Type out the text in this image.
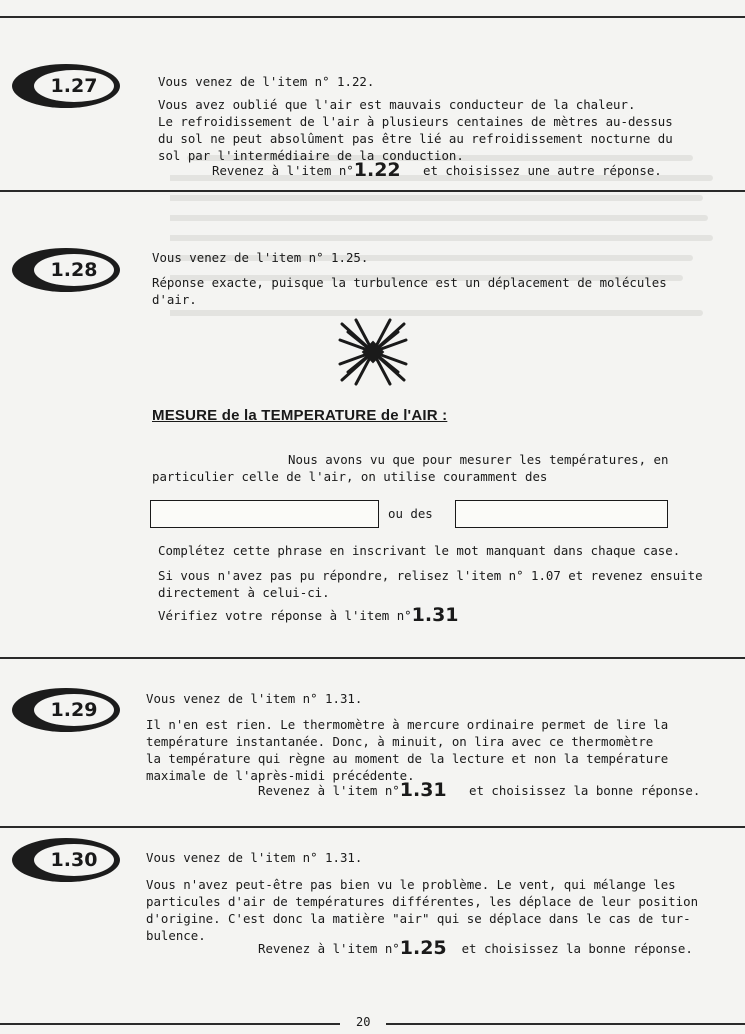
1.27	Vous venez de l'item n° 1.22.
Vous avez oublié que l'air est mauvais conducteur de la chaleur.
Le refroidissement de l'air à plusieurs centaines de mètres au-dessus
du sol ne peut absolûment pas être lié au refroidissement nocturne du
sol par l'intermédiaire de la conduction.
Revenez à l'item n°1.22 et choisissez une autre réponse.
1.28
Vous venez de l'item n° 1.25.
Réponse exacte, puisque la turbulence est un déplacement de molécules
d'air.
MESURE de la TEMPERATURE de l'AIR :
Nous avons vu que pour mesurer les températures, en
particulier celle de l'air, on utilise couramment des
ou des
Complétez cette phrase en inscrivant le mot manquant dans chaque case.
Si vous n'avez pas pu répondre, relisez l'item n° 1.07 et revenez ensuite
directement à celui-ci.
Vérifiez votre réponse à l'item n°1.31
1.29
Vous venez de l'item n° 1.31.
Il n'en est rien. Le thermomètre à mercure ordinaire permet de lire la
température instantanée. Donc, à minuit, on lira avec ce thermomètre
la température qui règne au moment de la lecture et non la température
maximale de l'après-midi précédente.
Revenez à l'item n°1.31 et choisissez la bonne réponse.
1.30	Vous venez de l'item n° 1.31.
Vous n'avez peut-être pas bien vu le problème. Le vent, qui mélange les
particules d'air de températures différentes, les déplace de leur position
d'origine. C'est donc la matière "air" qui se déplace dans le cas de tur-
bulence.
Revenez à l'item n°1.25 et choisissez la bonne réponse.
20
